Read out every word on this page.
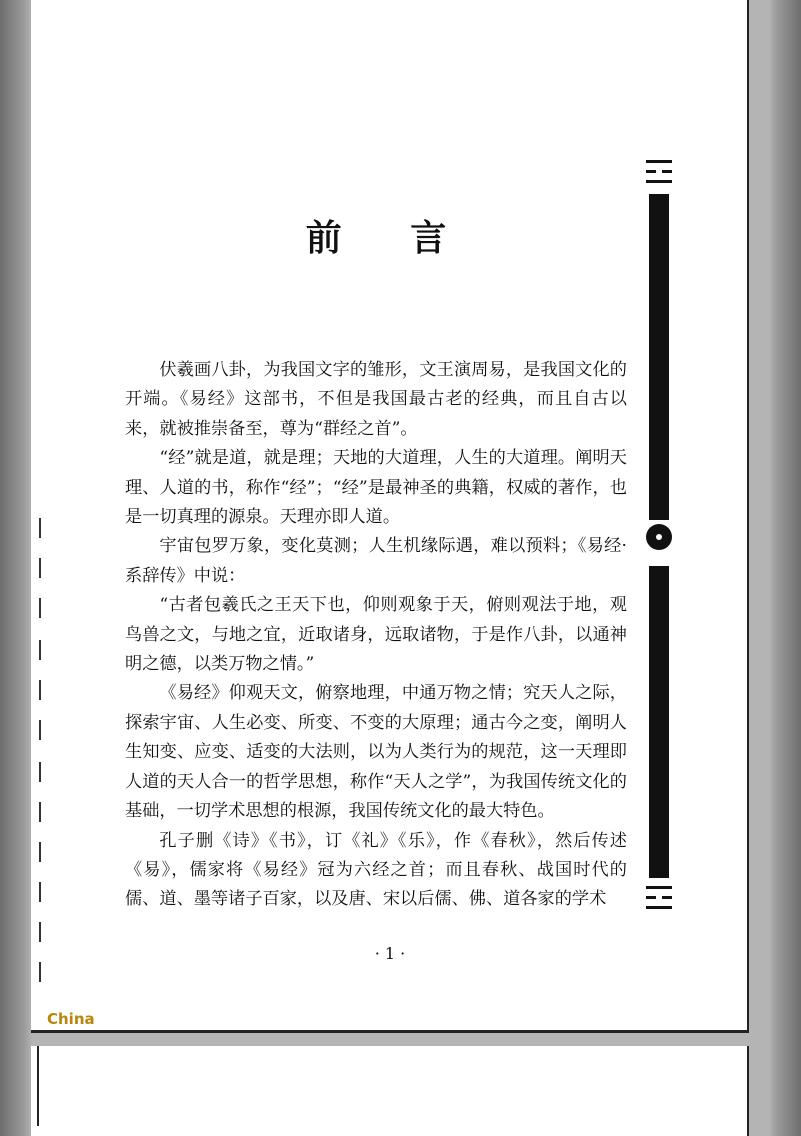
前 言

伏羲画八卦，为我国文字的雏形，文王演周易，是我国文化的开端。《易经》这部书，不但是我国最古老的经典，而且自古以来，就被推崇备至，尊为“群经之首”。

“经”就是道，就是理；天地的大道理，人生的大道理。阐明天理、人道的书，称作“经”；“经”是最神圣的典籍，权威的著作，也是一切真理的源泉。天理亦即人道。

宇宙包罗万象，变化莫测；人生机缘际遇，难以预料；《易经·系辞传》中说：

“古者包羲氏之王天下也，仰则观象于天，俯则观法于地，观鸟兽之文，与地之宜，近取诸身，远取诸物，于是作八卦，以通神明之德，以类万物之情。”

《易经》仰观天文，俯察地理，中通万物之情；究天人之际，探索宇宙、人生必变、所变、不变的大原理；通古今之变，阐明人生知变、应变、适变的大法则，以为人类行为的规范，这一天理即人道的天人合一的哲学思想，称作“天人之学”，为我国传统文化的基础，一切学术思想的根源，我国传统文化的最大特色。

孔子删《诗》《书》，订《礼》《乐》，作《春秋》，然后传述《易》，儒家将《易经》冠为六经之首；而且春秋、战国时代的儒、道、墨等诸子百家，以及唐、宋以后儒、佛、道各家的学术

· 1 ·
China
